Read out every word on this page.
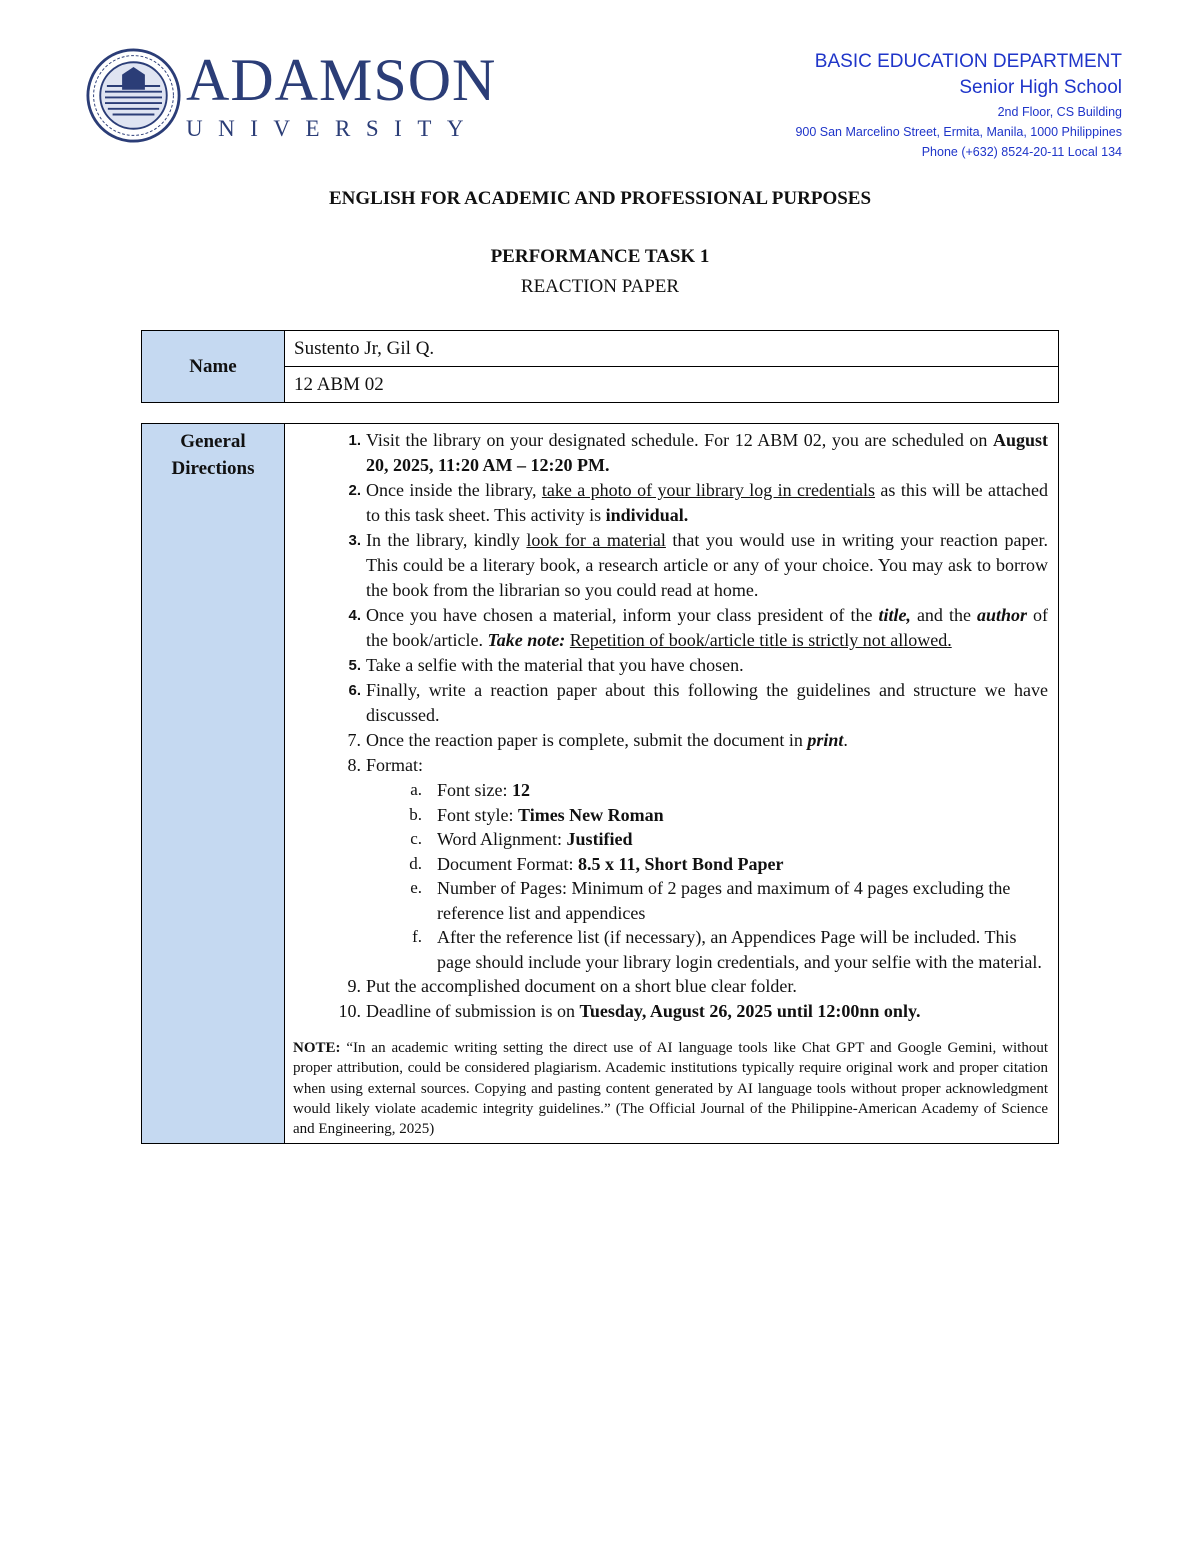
ADAMSON
UNIVERSITY
BASIC EDUCATION DEPARTMENT
Senior High School
2nd Floor, CS Building
900 San Marcelino Street, Ermita, Manila, 1000 Philippines
Phone (+632) 8524-20-11 Local 134
ENGLISH FOR ACADEMIC AND PROFESSIONAL PURPOSES
PERFORMANCE TASK 1
REACTION PAPER
Name	Sustento Jr, Gil Q.
12 ABM 02
General
Directions

1. Visit the library on your designated schedule. For 12 ABM 02, you are scheduled on August 20, 2025, 11:20 AM – 12:20 PM.
2. Once inside the library, take a photo of your library log in credentials as this will be attached to this task sheet. This activity is individual.
3. In the library, kindly look for a material that you would use in writing your reaction paper. This could be a literary book, a research article or any of your choice. You may ask to borrow the book from the librarian so you could read at home.
4. Once you have chosen a material, inform your class president of the title, and the author of the book/article. Take note: Repetition of book/article title is strictly not allowed.
5. Take a selfie with the material that you have chosen.
6. Finally, write a reaction paper about this following the guidelines and structure we have discussed.
7. Once the reaction paper is complete, submit the document in print.
8. Format:
a. Font size: 12
b. Font style: Times New Roman
c. Word Alignment: Justified
d. Document Format: 8.5 x 11, Short Bond Paper
e. Number of Pages: Minimum of 2 pages and maximum of 4 pages excluding the reference list and appendices
f. After the reference list (if necessary), an Appendices Page will be included. This page should include your library login credentials, and your selfie with the material.
9. Put the accomplished document on a short blue clear folder.
10. Deadline of submission is on Tuesday, August 26, 2025 until 12:00nn only.
NOTE: “In an academic writing setting the direct use of AI language tools like Chat GPT and Google Gemini, without proper attribution, could be considered plagiarism. Academic institutions typically require original work and proper citation when using external sources. Copying and pasting content generated by AI language tools without proper acknowledgment would likely violate academic integrity guidelines.” (The Official Journal of the Philippine-American Academy of Science and Engineering, 2025)
